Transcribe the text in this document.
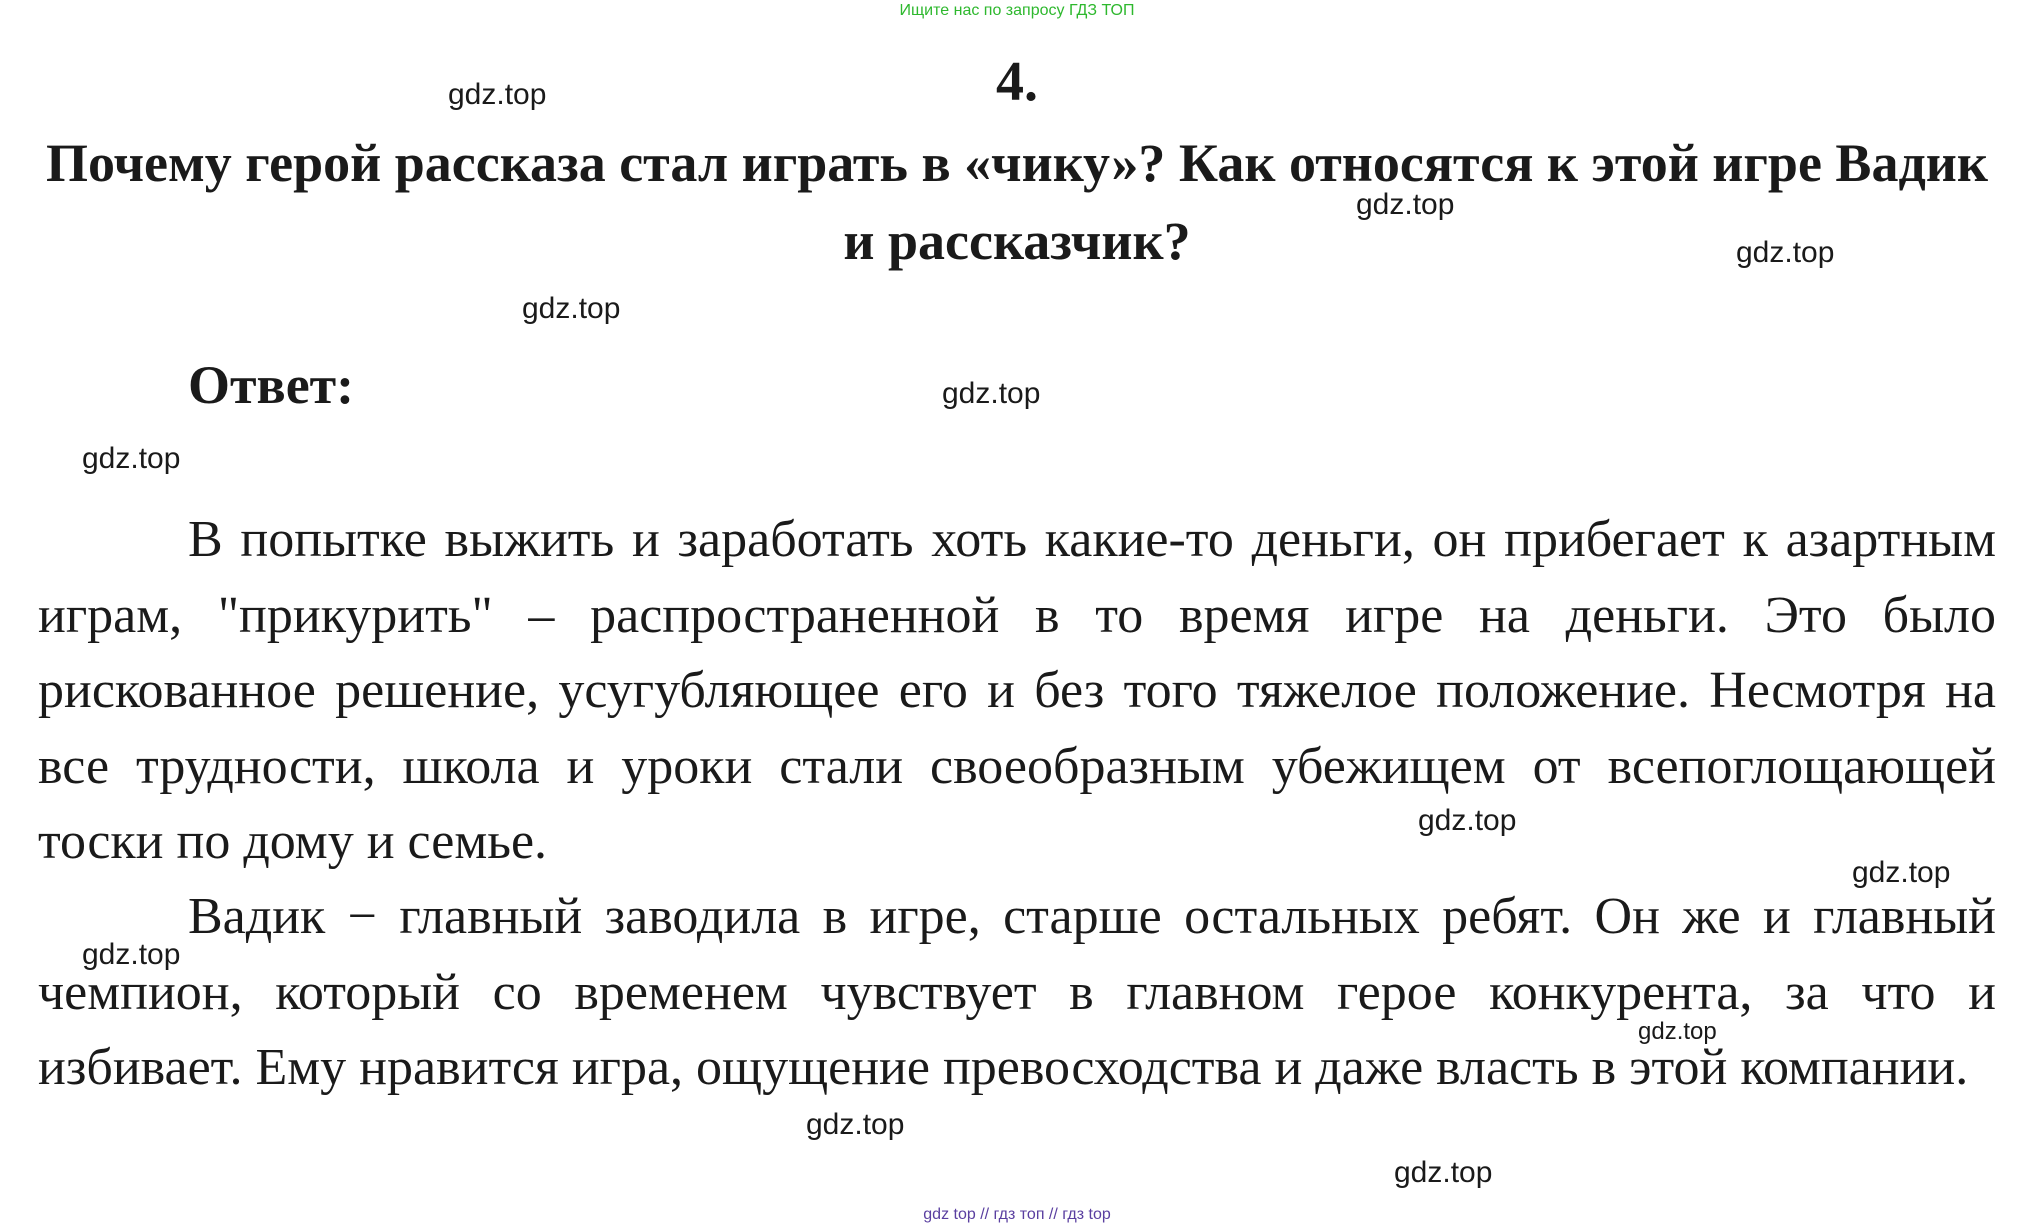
Ищите нас по запросу ГДЗ ТОП
4.
Почему герой рассказа стал играть в «чику»? Как относятся к этой игре Вадик и рассказчик?
Ответ:
В попытке выжить и заработать хоть какие-то деньги, он прибегает к азартным играм, "прикурить" – распространенной в то время игре на деньги. Это было рискованное решение, усугубляющее его и без того тяжелое положение. Несмотря на все трудности, школа и уроки стали своеобразным убежищем от всепоглощающей тоски по дому и семье.
Вадик − главный заводила в игре, старше остальных ребят. Он же и главный чемпион, который со временем чувствует в главном герое конкурента, за что и избивает. Ему нравится игра, ощущение превосходства и даже власть в этой компании.
gdz.top
gdz.top
gdz.top
gdz.top
gdz.top
gdz.top
gdz.top
gdz.top
gdz.top
gdz.top
gdz.top
gdz.top
gdz top // гдз топ // гдз top
